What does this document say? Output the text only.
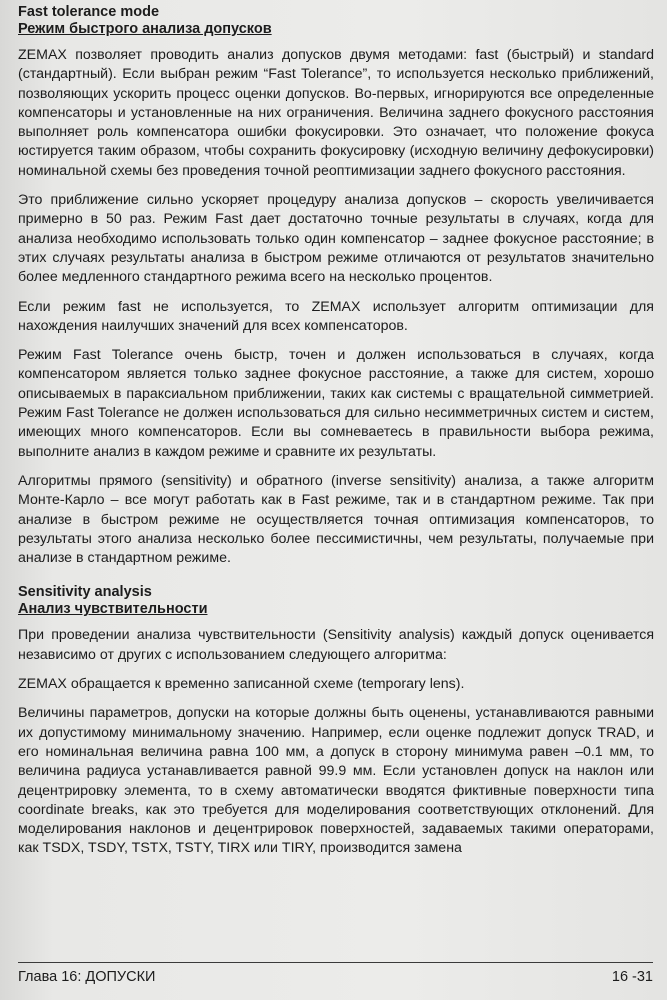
Fast tolerance mode
Режим быстрого анализа допусков

ZEMAX позволяет проводить анализ допусков двумя методами: fast (быстрый) и standard (стандартный). Если выбран режим “Fast Tolerance”, то используется несколько приближений, позволяющих ускорить процесс оценки допусков. Во-первых, игнорируются все определенные компенсаторы и установленные на них ограничения. Величина заднего фокусного расстояния выполняет роль компенсатора ошибки фокусировки. Это означает, что положение фокуса юстируется таким образом, чтобы сохранить фокусировку (исходную величину дефокусировки) номинальной схемы без проведения точной реоптимизации заднего фокусного расстояния.

Это приближение сильно ускоряет процедуру анализа допусков – скорость увеличивается примерно в 50 раз. Режим Fast дает достаточно точные результаты в случаях, когда для анализа необходимо использовать только один компенсатор – заднее фокусное расстояние; в этих случаях результаты анализа в быстром режиме отличаются от результатов значительно более медленного стандартного режима всего на несколько процентов.

Если режим fast не используется, то ZEMAX использует алгоритм оптимизации для нахождения наилучших значений для всех компенсаторов.

Режим Fast Tolerance очень быстр, точен и должен использоваться в случаях, когда компенсатором является только заднее фокусное расстояние, а также для систем, хорошо описываемых в параксиальном приближении, таких как системы с вращательной симметрией. Режим Fast Tolerance не должен использоваться для сильно несимметричных систем и систем, имеющих много компенсаторов. Если вы сомневаетесь в правильности выбора режима, выполните анализ в каждом режиме и сравните их результаты.

Алгоритмы прямого (sensitivity) и обратного (inverse sensitivity) анализа, а также алгоритм Монте-Карло – все могут работать как в Fast режиме, так и в стандартном режиме. Так при анализе в быстром режиме не осуществляется точная оптимизация компенсаторов, то результаты этого анализа несколько более пессимистичны, чем результаты, получаемые при анализе в стандартном режиме.

Sensitivity analysis
Анализ чувствительности

При проведении анализа чувствительности (Sensitivity analysis) каждый допуск оценивается независимо от других с использованием следующего алгоритма:

ZEMAX обращается к временно записанной схеме (temporary lens).

Величины параметров, допуски на которые должны быть оценены, устанавливаются равными их допустимому минимальному значению. Например, если оценке подлежит допуск TRAD, и его номинальная величина равна 100 мм, а допуск в сторону минимума равен –0.1 мм, то величина радиуса устанавливается равной 99.9 мм. Если установлен допуск на наклон или децентрировку элемента, то в схему автоматически вводятся фиктивные поверхности типа coordinate breaks, как это требуется для моделирования соответствующих отклонений. Для моделирования наклонов и децентрировок поверхностей, задаваемых такими операторами, как TSDX, TSDY, TSTX, TSTY, TIRX или TIRY, производится замена

Глава 16: ДОПУСКИ	16 -31
